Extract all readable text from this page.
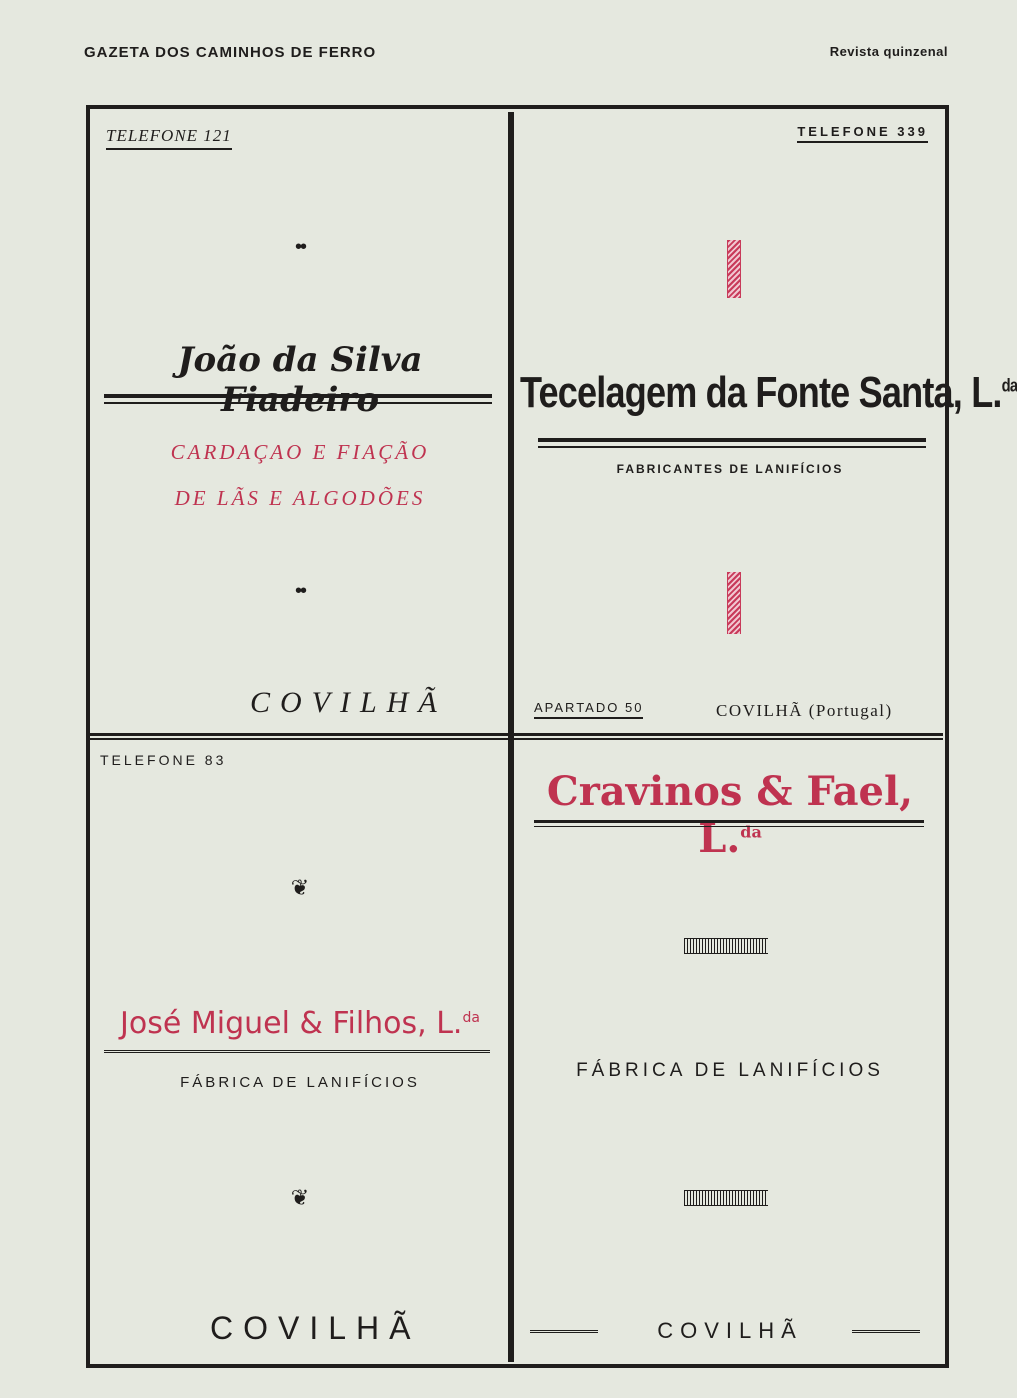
GAZETA DOS CAMINHOS DE FERRO	Revista quinzenal
TELEFONE 121
••
João da Silva Fiadeiro
CARDAÇAO E FIAÇÃO
DE LÃS E ALGODÕES
••
COVILHÃ
TELEFONE 339
Tecelagem da Fonte Santa, L.$^{da}$
FABRICANTES DE LANIFÍCIOS
APARTADO 50	COVILHÃ (Portugal)
TELEFONE 83
❦
José Miguel & Filhos, L.$^{da}$
FÁBRICA DE LANIFÍCIOS
❦
COVILHÃ
Cravinos & Fael, L.$^{da}$
FÁBRICA DE LANIFÍCIOS
COVILHÃ
